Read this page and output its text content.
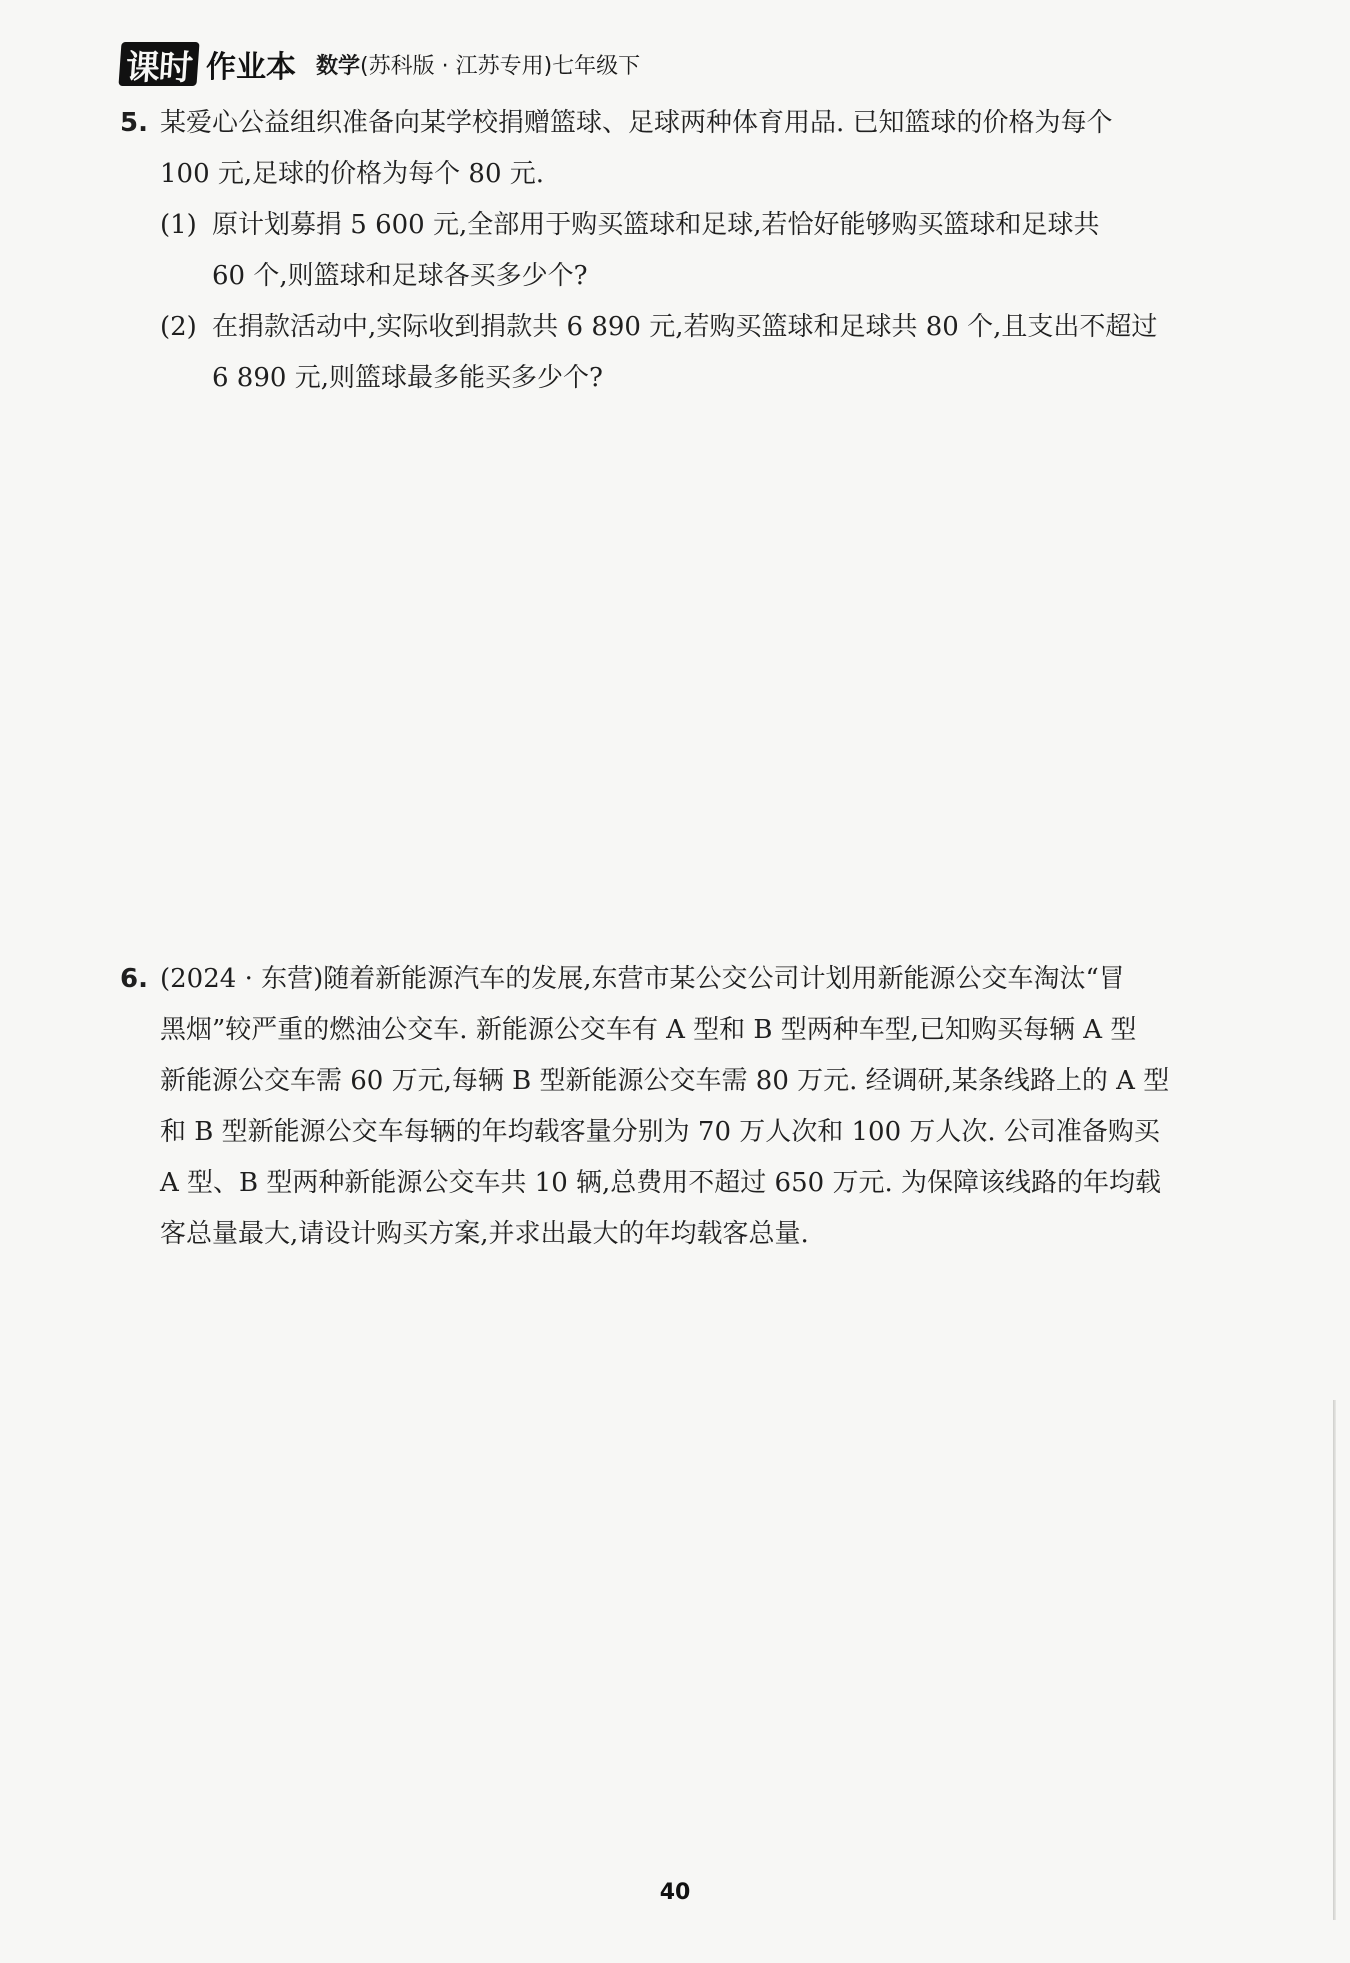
课时 作业本 数学 (苏科版 · 江苏专用)七年级下
5. 某爱心公益组织准备向某学校捐赠篮球、足球两种体育用品. 已知篮球的价格为每个
100 元,足球的价格为每个 80 元.
(1) 原计划募捐 5 600 元,全部用于购买篮球和足球,若恰好能够购买篮球和足球共
60 个,则篮球和足球各买多少个?
(2) 在捐款活动中,实际收到捐款共 6 890 元,若购买篮球和足球共 80 个,且支出不超过
6 890 元,则篮球最多能买多少个?
6. (2024 · 东营)随着新能源汽车的发展,东营市某公交公司计划用新能源公交车淘汰“冒
黑烟”较严重的燃油公交车. 新能源公交车有 A 型和 B 型两种车型,已知购买每辆 A 型
新能源公交车需 60 万元,每辆 B 型新能源公交车需 80 万元. 经调研,某条线路上的 A 型
和 B 型新能源公交车每辆的年均载客量分别为 70 万人次和 100 万人次. 公司准备购买
A 型、B 型两种新能源公交车共 10 辆,总费用不超过 650 万元. 为保障该线路的年均载
客总量最大,请设计购买方案,并求出最大的年均载客总量.
40
